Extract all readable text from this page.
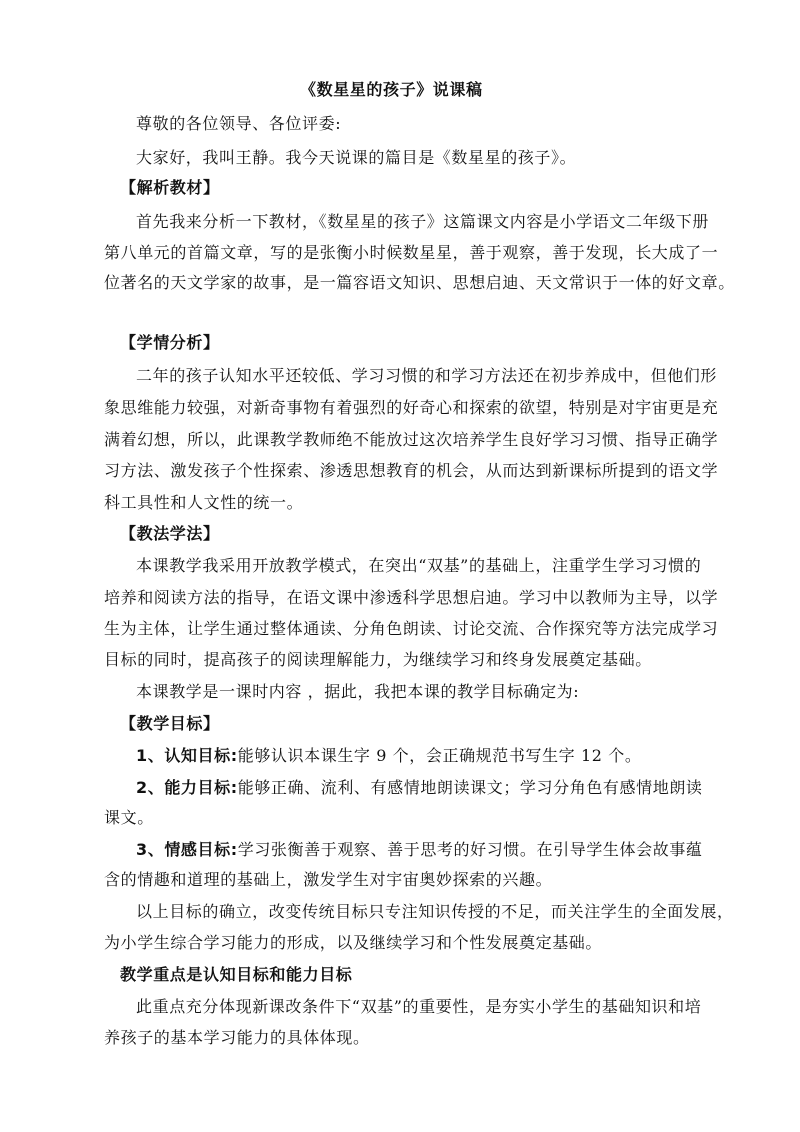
《数星星的孩子》说课稿
尊敬的各位领导、各位评委:
大家好，我叫王静。我今天说课的篇目是《数星星的孩子》。
【解析教材】
首先我来分析一下教材，《数星星的孩子》这篇课文内容是小学语文二年级下册
第八单元的首篇文章，写的是张衡小时候数星星，善于观察，善于发现，长大成了一
位著名的天文学家的故事，是一篇容语文知识、思想启迪、天文常识于一体的好文章。
【学情分析】
二年的孩子认知水平还较低、学习习惯的和学习方法还在初步养成中，但他们形
象思维能力较强，对新奇事物有着强烈的好奇心和探索的欲望，特别是对宇宙更是充
满着幻想，所以，此课教学教师绝不能放过这次培养学生良好学习习惯、指导正确学
习方法、激发孩子个性探索、渗透思想教育的机会，从而达到新课标所提到的语文学
科工具性和人文性的统一。
【教法学法】
本课教学我采用开放教学模式，在突出“双基”的基础上，注重学生学习习惯的
培养和阅读方法的指导，在语文课中渗透科学思想启迪。学习中以教师为主导，以学
生为主体，让学生通过整体通读、分角色朗读、讨论交流、合作探究等方法完成学习
目标的同时，提高孩子的阅读理解能力，为继续学习和终身发展奠定基础。
本课教学是一课时内容 ，据此，我把本课的教学目标确定为:
【教学目标】
1、认知目标:能够认识本课生字 9 个，会正确规范书写生字 12 个。
2、能力目标:能够正确、流利、有感情地朗读课文；学习分角色有感情地朗读
课文。
3、情感目标:学习张衡善于观察、善于思考的好习惯。在引导学生体会故事蕴
含的情趣和道理的基础上，激发学生对宇宙奥妙探索的兴趣。
以上目标的确立，改变传统目标只专注知识传授的不足，而关注学生的全面发展，
为小学生综合学习能力的形成，以及继续学习和个性发展奠定基础。
教学重点是认知目标和能力目标
此重点充分体现新课改条件下“双基”的重要性，是夯实小学生的基础知识和培
养孩子的基本学习能力的具体体现。
